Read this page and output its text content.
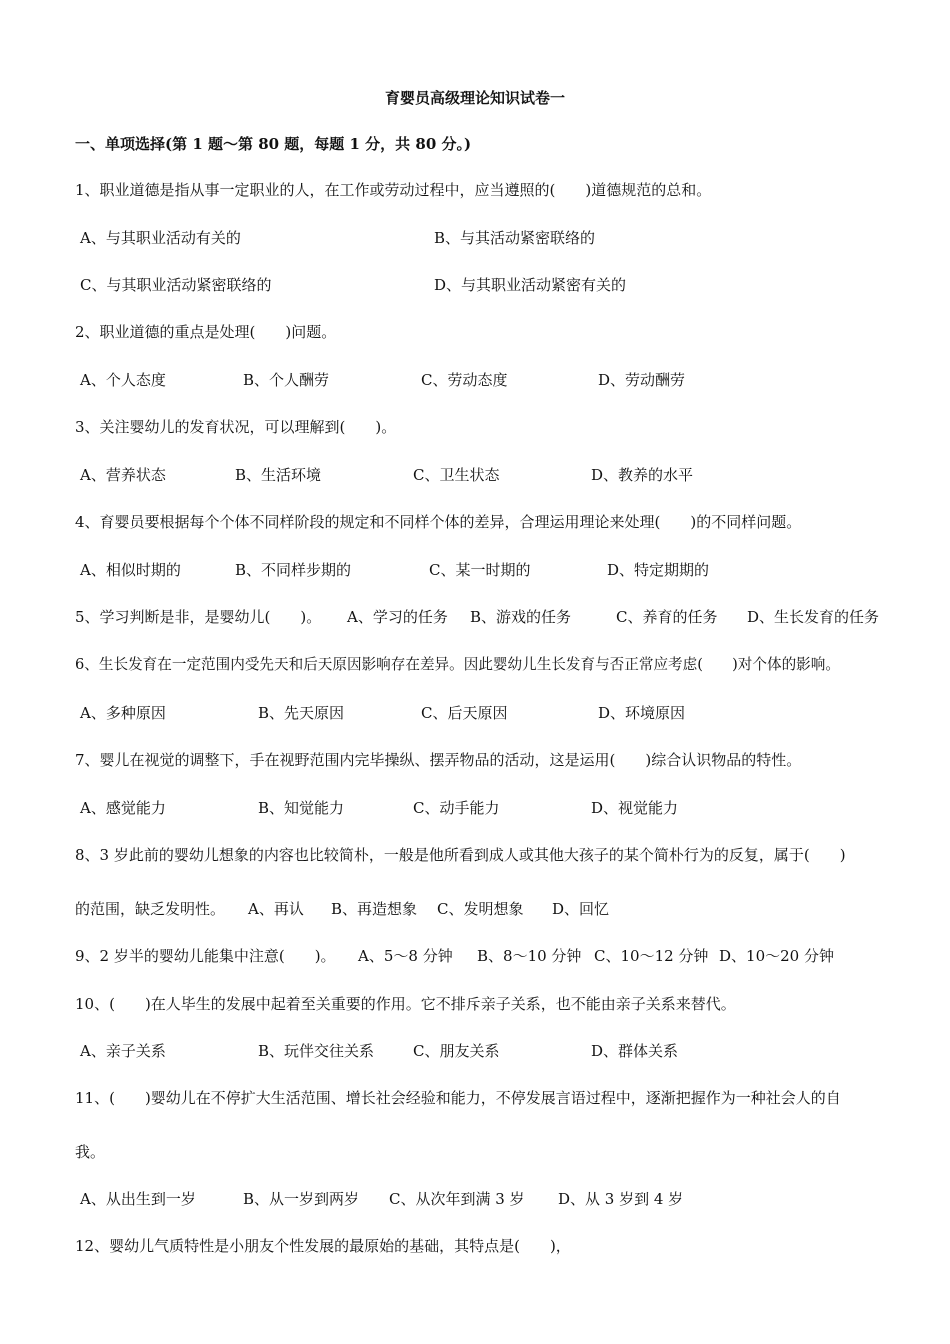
育婴员高级理论知识试卷一
一、单项选择(第 1 题～第 80 题，每题 1 分，共 80 分。)
1、职业道德是指从事一定职业的人，在工作或劳动过程中，应当遵照的(　　)道德规范的总和。
A、与其职业活动有关的	B、与其活动紧密联络的
C、与其职业活动紧密联络的	D、与其职业活动紧密有关的
2、职业道德的重点是处理(　　)问题。
A、个人态度	B、个人酬劳	C、劳动态度	D、劳动酬劳
3、关注婴幼儿的发育状况，可以理解到(　　)。
A、营养状态	B、生活环境	C、卫生状态	D、教养的水平
4、育婴员要根据每个个体不同样阶段的规定和不同样个体的差异，合理运用理论来处理(　　)的不同样问题。
A、相似时期的	B、不同样步期的	C、某一时期的	D、特定期期的
5、学习判断是非，是婴幼儿(　　)。 A、学习的任务 B、游戏的任务	C、养育的任务 D、生长发育的任务
6、生长发育在一定范围内受先天和后天原因影响存在差异。因此婴幼儿生长发育与否正常应考虑(　　)对个体的影响。
A、多种原因	B、先天原因	C、后天原因	D、环境原因
7、婴儿在视觉的调整下，手在视野范围内完毕操纵、摆弄物品的活动，这是运用(　　)综合认识物品的特性。
A、感觉能力	B、知觉能力	C、动手能力	D、视觉能力
8、3 岁此前的婴幼儿想象的内容也比较简朴，一般是他所看到成人或其他大孩子的某个简朴行为的反复，属于(　　)
的范围，缺乏发明性。 A、再认 B、再造想象 C、发明想象 D、回忆
9、2 岁半的婴幼儿能集中注意(　　)。 A、5～8 分钟 B、8～10 分钟 C、10～12 分钟 D、10～20 分钟
10、(　　)在人毕生的发展中起着至关重要的作用。它不排斥亲子关系，也不能由亲子关系来替代。
A、亲子关系	B、玩伴交往关系	C、朋友关系	D、群体关系
11、(　　)婴幼儿在不停扩大生活范围、增长社会经验和能力，不停发展言语过程中，逐渐把握作为一种社会人的自
我。
A、从出生到一岁	B、从一岁到两岁 C、从次年到满 3 岁 D、从 3 岁到 4 岁
12、婴幼儿气质特性是小朋友个性发展的最原始的基础，其特点是(　　)，
